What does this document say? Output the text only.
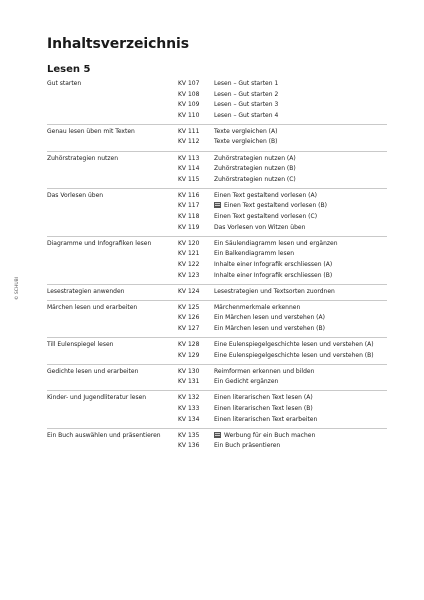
Inhaltsverzeichnis
Lesen 5
Gut starten	KV 107 Lesen – Gut starten 1
KV 108 Lesen – Gut starten 2
KV 109 Lesen – Gut starten 3
KV 110 Lesen – Gut starten 4
Genau lesen üben mit Texten	KV 111 Texte vergleichen (A)
KV 112 Texte vergleichen (B)
Zuhörstrategien nutzen	KV 113 Zuhörstrategien nutzen (A)
KV 114 Zuhörstrategien nutzen (B)
KV 115 Zuhörstrategien nutzen (C)
Das Vorlesen üben	KV 116 Einen Text gestaltend vorlesen (A)
KV 117	Einen Text gestaltend vorlesen (B)
KV 118 Einen Text gestaltend vorlesen (C)
KV 119 Das Vorlesen von Witzen üben
Diagramme und Infografiken lesen	KV 120 Ein Säulendiagramm lesen und ergänzen
KV 121 Ein Balkendiagramm lesen
KV 122 Inhalte einer Infografik erschliessen (A)
KV 123 Inhalte einer Infografik erschliessen (B)
Lesestrategien anwenden	KV 124 Lesestrategien und Textsorten zuordnen
Märchen lesen und erarbeiten	KV 125 Märchenmerkmale erkennen
KV 126 Ein Märchen lesen und verstehen (A)
KV 127 Ein Märchen lesen und verstehen (B)
Till Eulenspiegel lesen	KV 128 Eine Eulenspiegelgeschichte lesen und verstehen (A)
KV 129 Eine Eulenspiegelgeschichte lesen und verstehen (B)
Gedichte lesen und erarbeiten	KV 130 Reimformen erkennen und bilden
KV 131 Ein Gedicht ergänzen
Kinder- und Jugendliteratur lesen	KV 132 Einen literarischen Text lesen (A)
KV 133 Einen literarischen Text lesen (B)
KV 134 Einen literarischen Text erarbeiten
Ein Buch auswählen und präsentieren	KV 135	Werbung für ein Buch machen
KV 136 Ein Buch präsentieren
© SCHUBI
